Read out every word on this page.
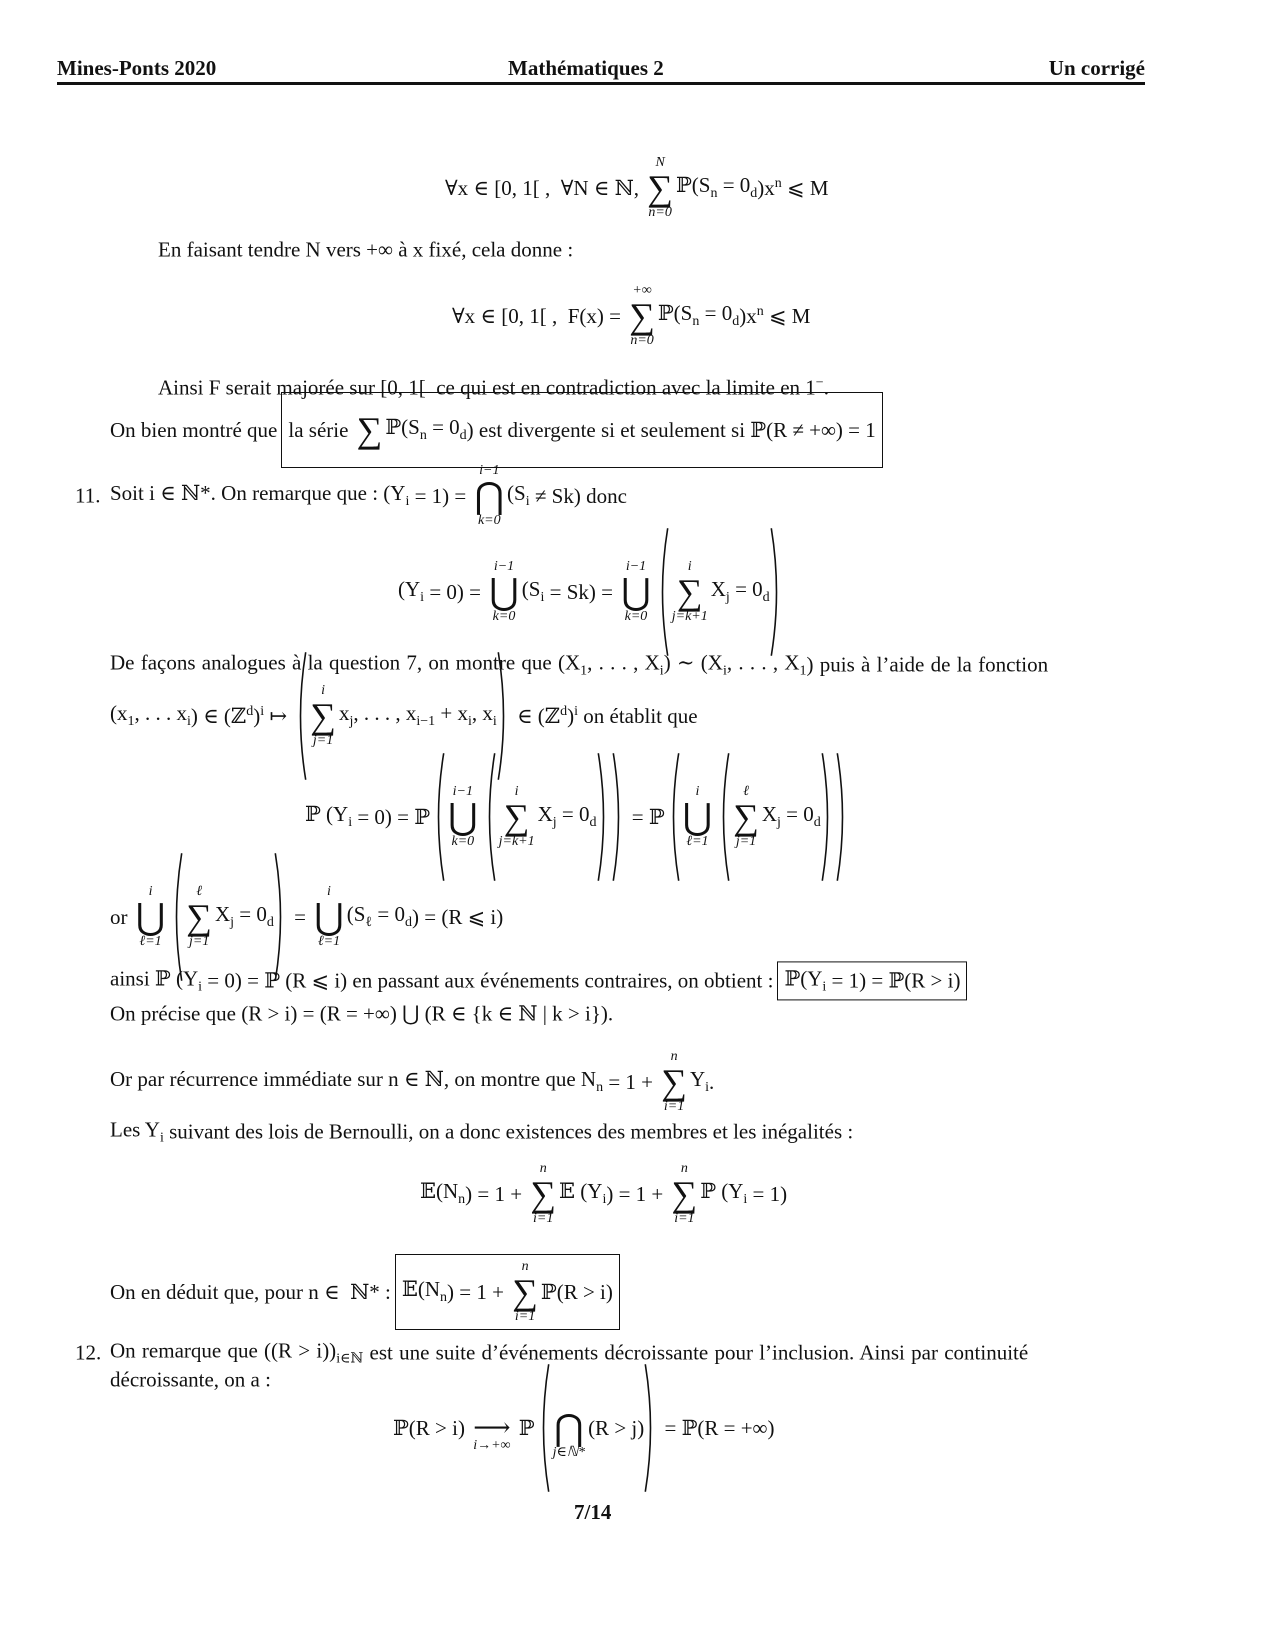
Mines-Ponts 2020	Mathématiques 2	Un corrigé
∀x ∈ [0, 1[ ,  ∀N ∈ ℕ,
N
∑
n=0
$ℙ(S_n = 0_d$ )$x^n$ ⩽ M
En faisant tendre N vers +∞ à x fixé, cela donne :
∀x ∈ [0, 1[ ,  F(x) =
+∞
∑
n=0
$ℙ(S_n = 0_d$ )$x^n$ ⩽ M
Ainsi F serait majorée sur [0, 1[  ce qui est en contradiction avec la limite en 1− .
On bien montré que la série ∑ $ℙ(S_n = 0_d$ ) est divergente si et seulement si ℙ(R ≠ +∞) = 1
11. Soit i ∈ ℕ*. On remarque que : $(Y_i = 1)$ =
i−1
⋂
k=0
$(S_i \ne Sk)$ donc
$(Y_i = 0)$ =
i−1
⋃
k=0
$(S_i = Sk)$ =
i−1
⋃
k=0
i
∑
j=k+1
$X_j = 0_d$
De façons analogues à la question 7, on montre que ($X_1$ , . . . , $X_i$ ) ∼ ($X_i$ , . . . , $X_1$ ) puis à l’aide de la fonction
($x_1$ , . . . $x_i$ ) ∈ (ℤ$^d$ )$^i$ ↦
i
∑
j=1
$x_j$ , . . . , $x_{i-1} + x_i$ , $x_i$ ∈ (ℤ$^d$ )$^i$ on établit que
ℙ $(Y_i = 0)$ = ℙ
i−1
⋃
k=0
i
∑
j=k+1
$X_j = 0_d$ = ℙ
i
⋃
ℓ=1
ℓ
∑
j=1
$X_j = 0_d$
or
i
⋃
ℓ=1
ℓ
∑
j=1
$X_j = 0_d$ =
i
⋃
ℓ=1
($S_\ell = 0_d$ ) = (R ⩽ i)
ainsi ℙ $(Y_i = 0)$ = ℙ (R ⩽ i) en passant aux événements contraires, on obtient : $ℙ(Y_i = 1)$ = ℙ(R > i)
On précise que (R > i) = (R = +∞) ⋃ (R ∈ {k ∈ ℕ | k > i}).
Or par récurrence immédiate sur n ∈ ℕ, on montre que $N_n = 1$ +
n
∑
i=1
$Y_i$ .
Les $Y_i$ suivant des lois de Bernoulli, on a donc existences des membres et les inégalités :
$𝔼(N_n$ ) = 1 +
n
∑
i=1
𝔼 ($Y_i$ ) = 1 +
n
∑
i=1
ℙ $(Y_i = 1)$
On en déduit que, pour n ∈  ℕ* : $𝔼(N_n$ ) = 1 +
n
∑
i=1
ℙ(R > i)
12. On remarque que $((R > i))_{i\in ℕ}$ est une suite d’événements décroissante pour l’inclusion. Ainsi par continuité
décroissante, on a :
ℙ(R > i) ⟶
i→+∞
ℙ ⋂
j∈ℕ*
(R > j) = ℙ(R = +∞)
7/14
